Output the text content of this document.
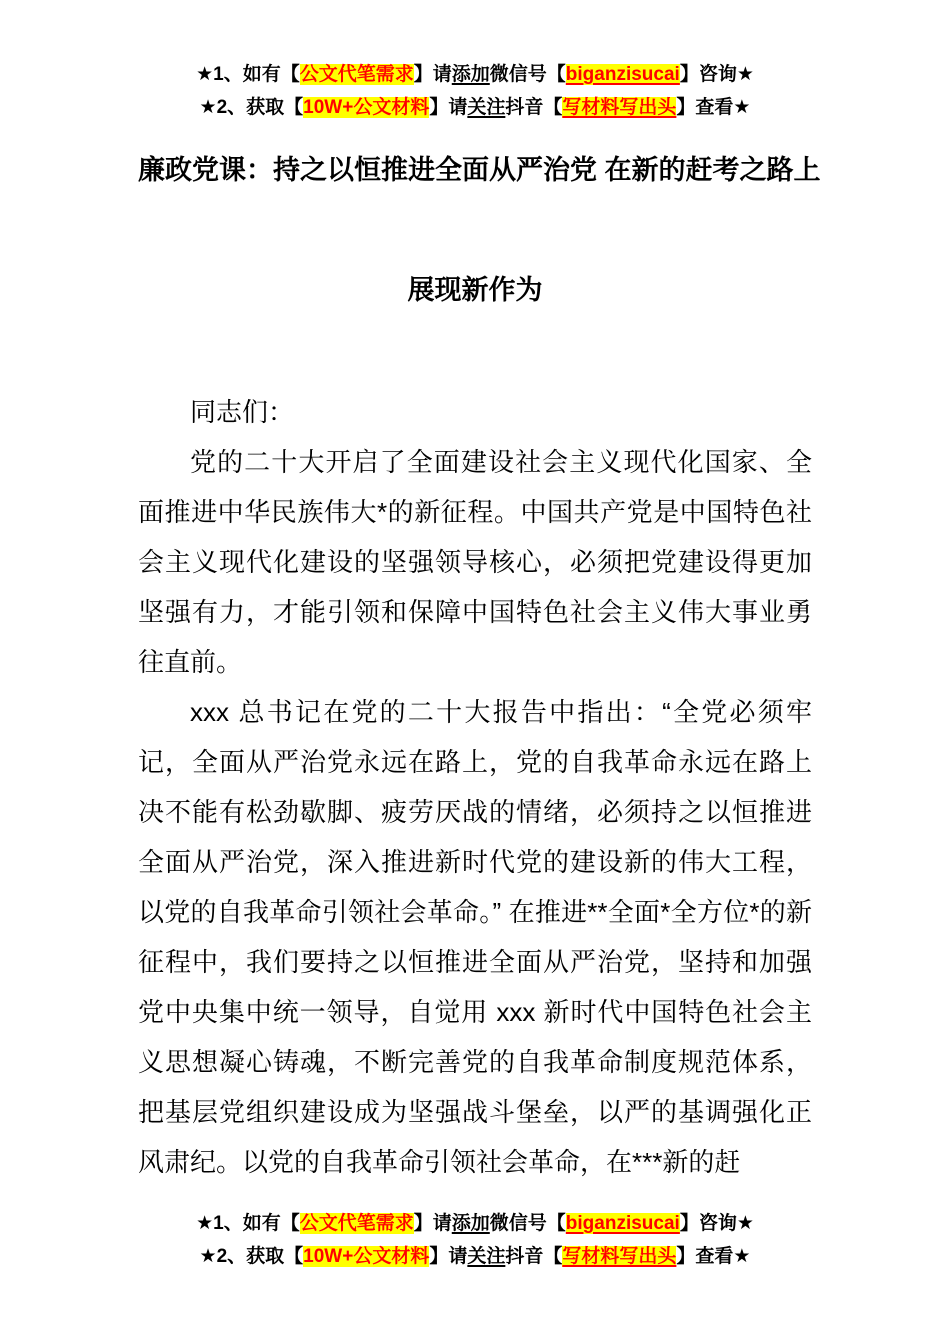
★1、如有【公文代笔需求】请添加微信号【biganzisucai】咨询★
★2、获取【10W+公文材料】请关注抖音【写材料写出头】查看★
廉政党课：持之以恒推进全面从严治党 在新的赶考之路上
展现新作为

同志们：

党的二十大开启了全面建设社会主义现代化国家、全面推进中华民族伟大*的新征程。中国共产党是中国特色社会主义现代化建设的坚强领导核心，必须把党建设得更加坚强有力，才能引领和保障中国特色社会主义伟大事业勇往直前。

xxx 总书记在党的二十大报告中指出：“全党必须牢记，全面从严治党永远在路上，党的自我革命永远在路上决不能有松劲歇脚、疲劳厌战的情绪，必须持之以恒推进全面从严治党，深入推进新时代党的建设新的伟大工程，以党的自我革命引领社会革命。” 在推进**全面*全方位*的新征程中，我们要持之以恒推进全面从严治党，坚持和加强党中央集中统一领导，自觉用 xxx 新时代中国特色社会主义思想凝心铸魂，不断完善党的自我革命制度规范体系，把基层党组织建设成为坚强战斗堡垒，以严的基调强化正风肃纪。以党的自我革命引领社会革命，在***新的赶

★1、如有【公文代笔需求】请添加微信号【biganzisucai】咨询★
★2、获取【10W+公文材料】请关注抖音【写材料写出头】查看★
